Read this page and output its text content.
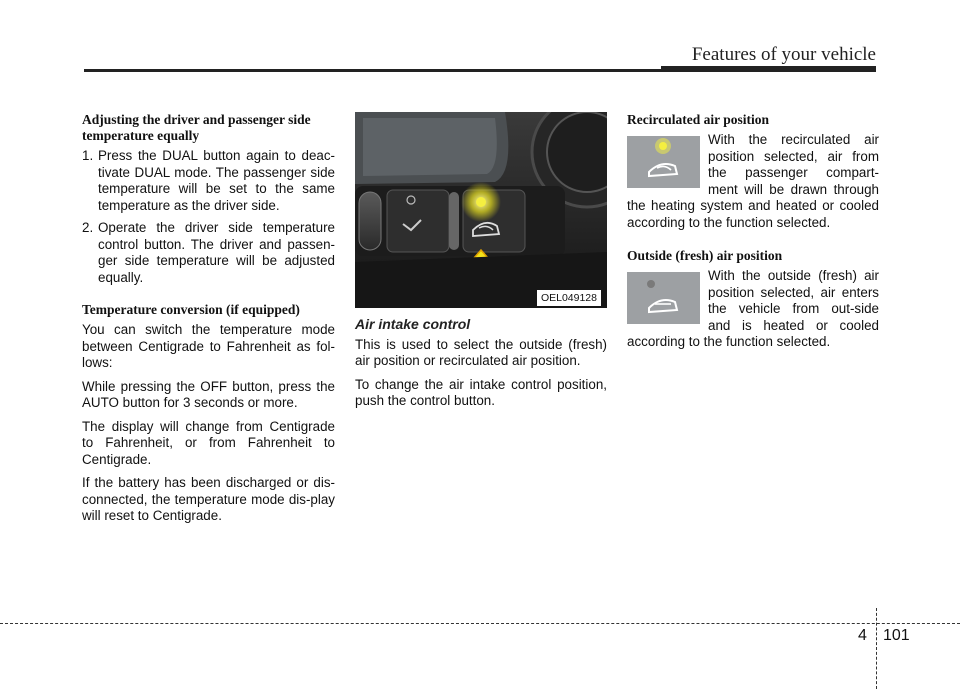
Features of your vehicle
Adjusting the driver and passenger side temperature equally
1. Press the DUAL button again to deac-tivate DUAL mode. The passenger side temperature will be set to the same temperature as the driver side.
2. Operate the driver side temperature control button. The driver and passen-ger side temperature will be adjusted equally.
Temperature conversion (if equipped)

You can switch the temperature mode between Centigrade to Fahrenheit as fol-lows:

While pressing the OFF button, press the AUTO button for 3 seconds or more.

The display will change from Centigrade to Fahrenheit, or from Fahrenheit to Centigrade.

If the battery has been discharged or dis-connected, the temperature mode dis-play will reset to Centigrade.

OEL049128
Air intake control

This is used to select the outside (fresh) air position or recirculated air position.

To change the air intake control position, push the control button.

Recirculated air position

With the recirculated air position selected, air from the passenger compart-ment will be drawn through the heating system and heated or cooled according to the function selected.

Outside (fresh) air position

With the outside (fresh) air position selected, air enters the vehicle from out-side and is heated or cooled according to the function selected.

4 101
